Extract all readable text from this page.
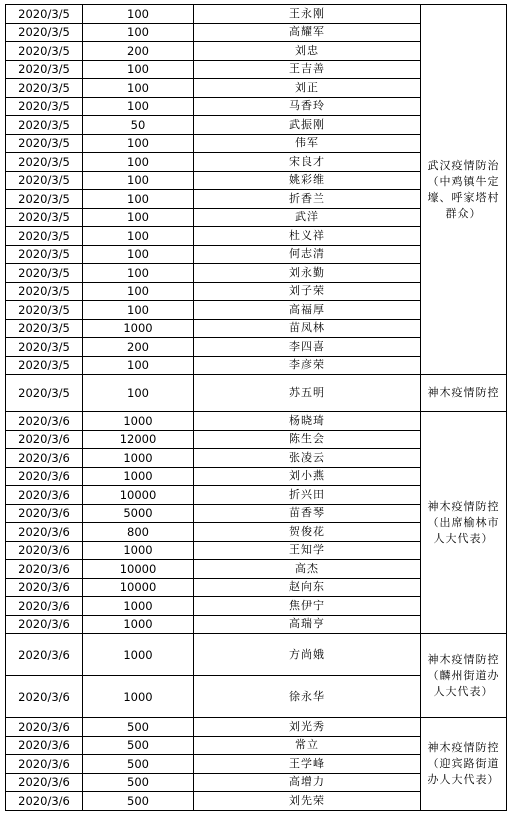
2020/3/5	100	王永刚	武汉疫情防治（中鸡镇牛定壕、呼家塔村群众）
2020/3/5	100	高耀军	
2020/3/5	200	刘忠	
2020/3/5	100	王吉善	
2020/3/5	100	刘正	
2020/3/5	100	马香玲	
2020/3/5	50	武振刚	
2020/3/5	100	伟军	
2020/3/5	100	宋良才	
2020/3/5	100	姚彩维	
2020/3/5	100	折香兰	
2020/3/5	100	武洋	
2020/3/5	100	杜义祥	
2020/3/5	100	何志清	
2020/3/5	100	刘永勤	
2020/3/5	100	刘子荣	
2020/3/5	100	高福厚	
2020/3/5	1000	苗凤林	
2020/3/5	200	李四喜	
2020/3/5	100	李彦荣	
2020/3/5	100	苏五明	神木疫情防控
2020/3/6	1000	杨晓琦	神木疫情防控（出席榆林市人大代表）
2020/3/6	12000	陈生会	
2020/3/6	1000	张凌云	
2020/3/6	1000	刘小燕	
2020/3/6	10000	折兴田	
2020/3/6	5000	苗香琴	
2020/3/6	800	贺俊花	
2020/3/6	1000	王知学	
2020/3/6	10000	高杰	
2020/3/6	10000	赵向东	
2020/3/6	1000	焦伊宁	
2020/3/6	1000	高瑞亨	
2020/3/6	1000	方尚娥	神木疫情防控（麟州街道办人大代表）
2020/3/6	1000	徐永华	
2020/3/6	500	刘光秀	神木疫情防控（迎宾路街道办人大代表）
2020/3/6	500	常立	
2020/3/6	500	王学峰	
2020/3/6	500	高增力	
2020/3/6	500	刘先荣	
